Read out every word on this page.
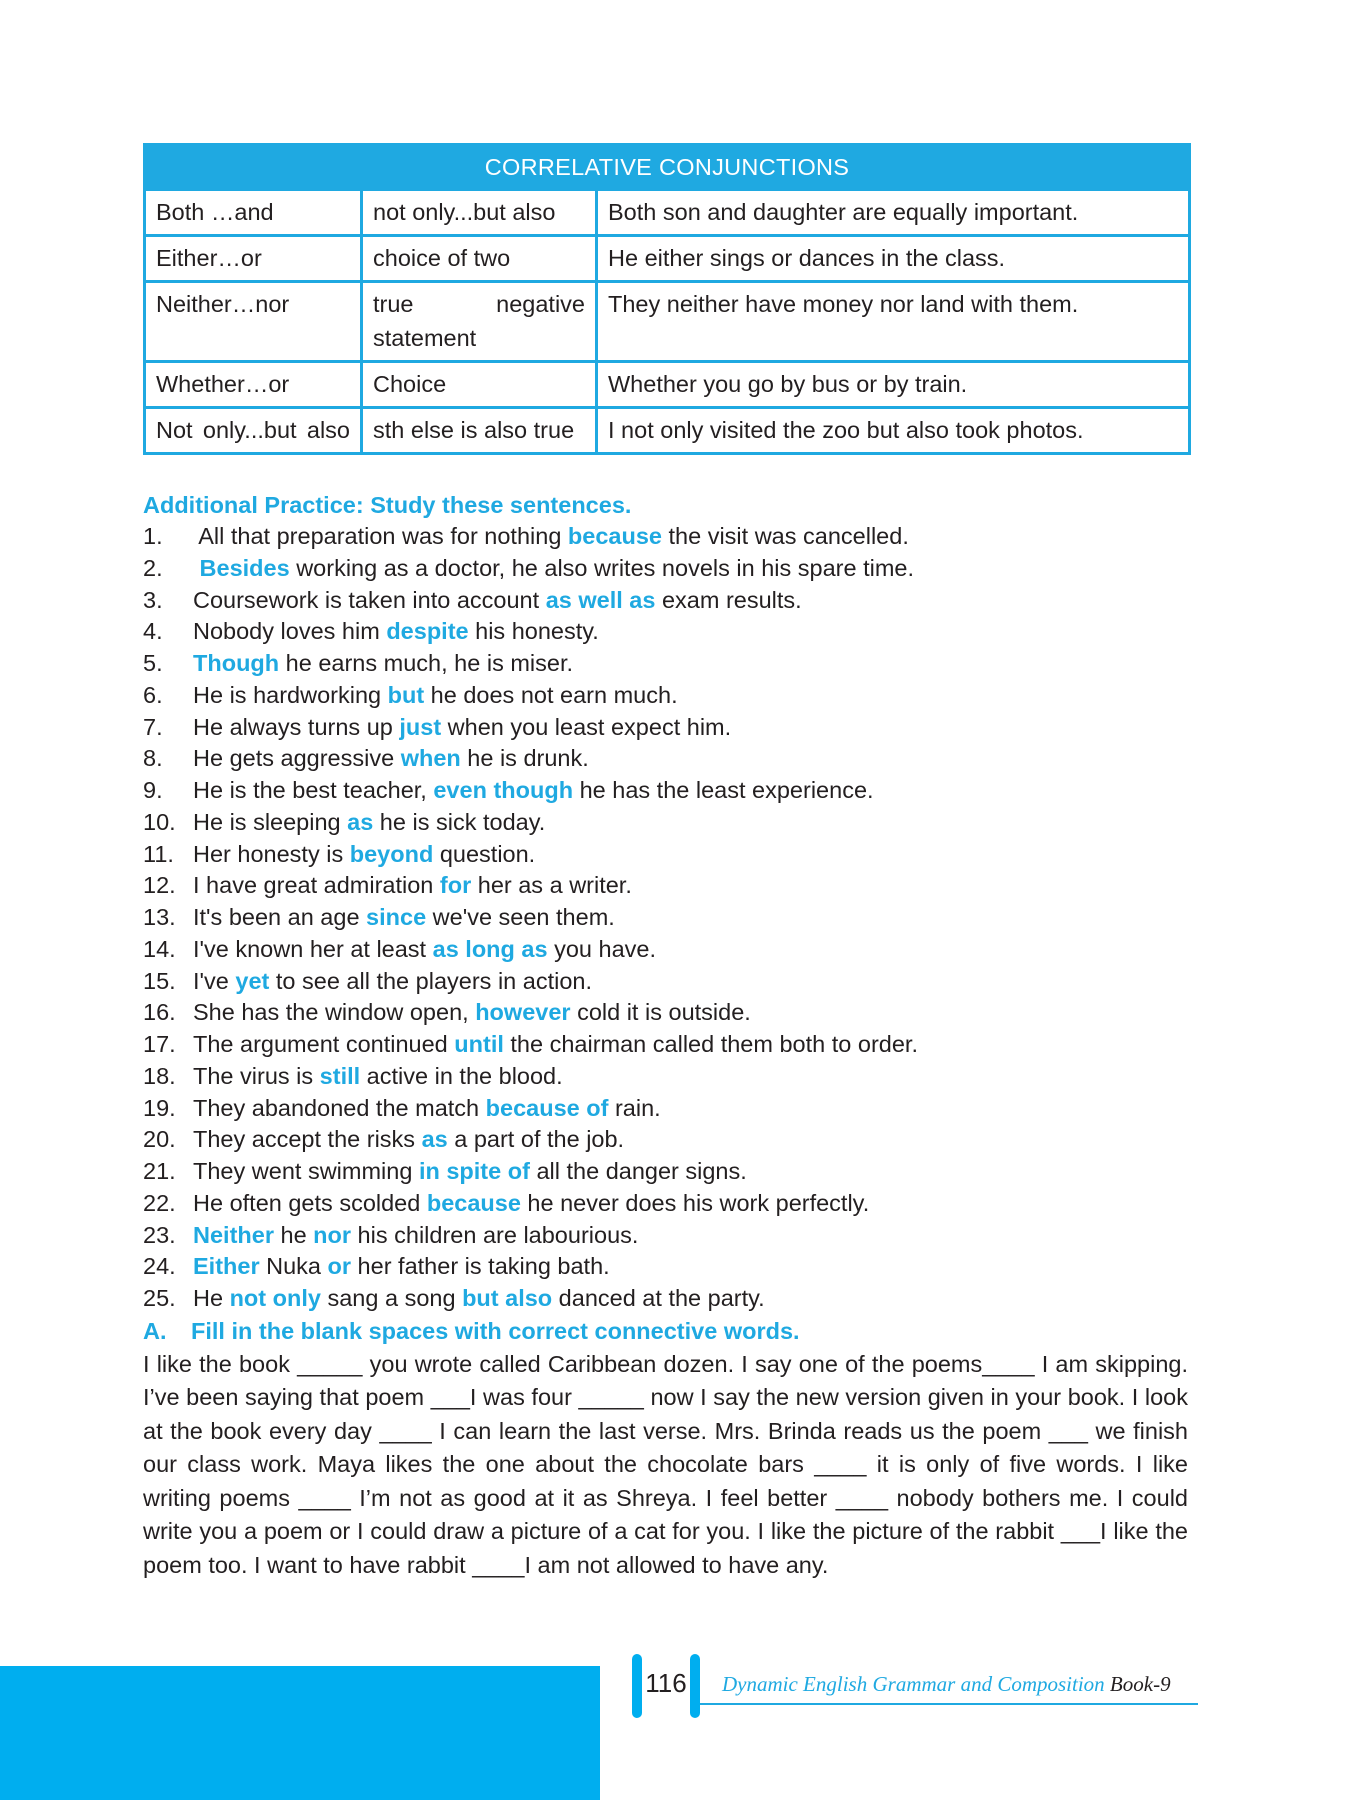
CORRELATIVE CONJUNCTIONS		
Both …and	not only...but also	Both son and daughter are equally important.
Either…or	choice of two	He either sings or dances in the class.
Neither…nor	true negative statement	They neither have money nor land with them.
Whether…or	Choice	Whether you go by bus or by train.
Not only...but also	sth else is also true	I not only visited the zoo but also took photos.
Additional Practice: Study these sentences.
1. All that preparation was for nothing because the visit was cancelled.
2. Besides working as a doctor, he also writes novels in his spare time.
3. Coursework is taken into account as well as exam results.
4. Nobody loves him despite his honesty.
5. Though he earns much, he is miser.
6. He is hardworking but he does not earn much.
7. He always turns up just when you least expect him.
8. He gets aggressive when he is drunk.
9. He is the best teacher, even though he has the least experience.
10. He is sleeping as he is sick today.
11. Her honesty is beyond question.
12. I have great admiration for her as a writer.
13. It's been an age since we've seen them.
14. I've known her at least as long as you have.
15. I've yet to see all the players in action.
16. She has the window open, however cold it is outside.
17. The argument continued until the chairman called them both to order.
18. The virus is still active in the blood.
19. They abandoned the match because of rain.
20. They accept the risks as a part of the job.
21. They went swimming in spite of all the danger signs.
22. He often gets scolded because he never does his work perfectly.
23. Neither he nor his children are labourious.
24. Either Nuka or her father is taking bath.
25. He not only sang a song but also danced at the party.
A. Fill in the blank spaces with correct connective words.

I like the book _____ you wrote called Caribbean dozen. I say one of the poems____ I am skipping. I’ve been saying that poem ___I was four _____ now I say the new version given in your book. I look at the book every day ____ I can learn the last verse. Mrs. Brinda reads us the poem ___ we finish our class work. Maya likes the one about the chocolate bars ____ it is only of five words. I like writing poems ____ I’m not as good at it as Shreya. I feel better ____ nobody bothers me. I could write you a poem or I could draw a picture of a cat for you. I like the picture of the rabbit ___I like the poem too. I want to have rabbit ____I am not allowed to have any.

116 Dynamic English Grammar and Composition Book-9
